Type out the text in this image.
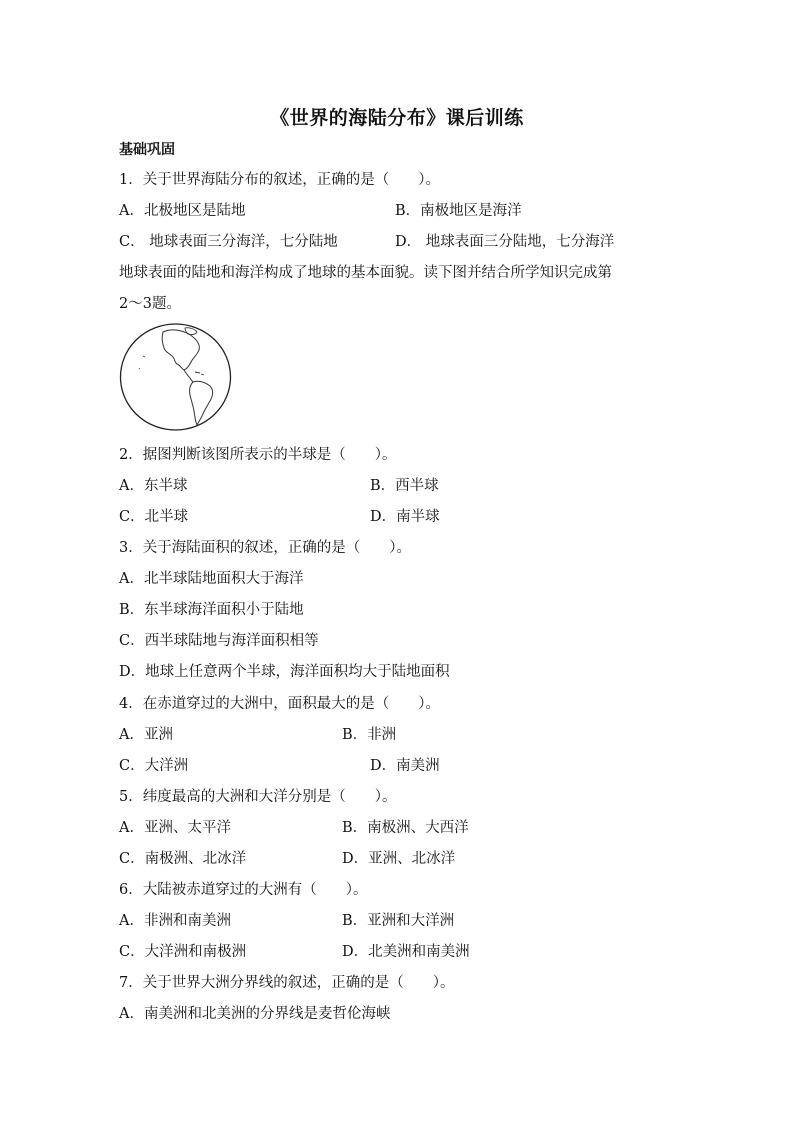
《世界的海陆分布》课后训练
基础巩固
1．关于世界海陆分布的叙述，正确的是（　　）。
A．北极地区是陆地	B．南极地区是海洋
C． 地球表面三分海洋，七分陆地	D． 地球表面三分陆地，七分海洋
地球表面的陆地和海洋构成了地球的基本面貌。读下图并结合所学知识完成第
2～3题。
2．据图判断该图所表示的半球是（　　）。
A．东半球	B．西半球
C．北半球	D．南半球
3．关于海陆面积的叙述，正确的是（　　）。
A．北半球陆地面积大于海洋
B．东半球海洋面积小于陆地
C．西半球陆地与海洋面积相等
D．地球上任意两个半球，海洋面积均大于陆地面积
4．在赤道穿过的大洲中，面积最大的是（　　）。
A．亚洲	B．非洲
C．大洋洲	D．南美洲
5．纬度最高的大洲和大洋分别是（　　）。
A．亚洲、太平洋	B．南极洲、大西洋
C．南极洲、北冰洋	D．亚洲、北冰洋
6．大陆被赤道穿过的大洲有（　　）。
A．非洲和南美洲	B．亚洲和大洋洲
C．大洋洲和南极洲	D．北美洲和南美洲
7．关于世界大洲分界线的叙述，正确的是（　　）。
A．南美洲和北美洲的分界线是麦哲伦海峡
